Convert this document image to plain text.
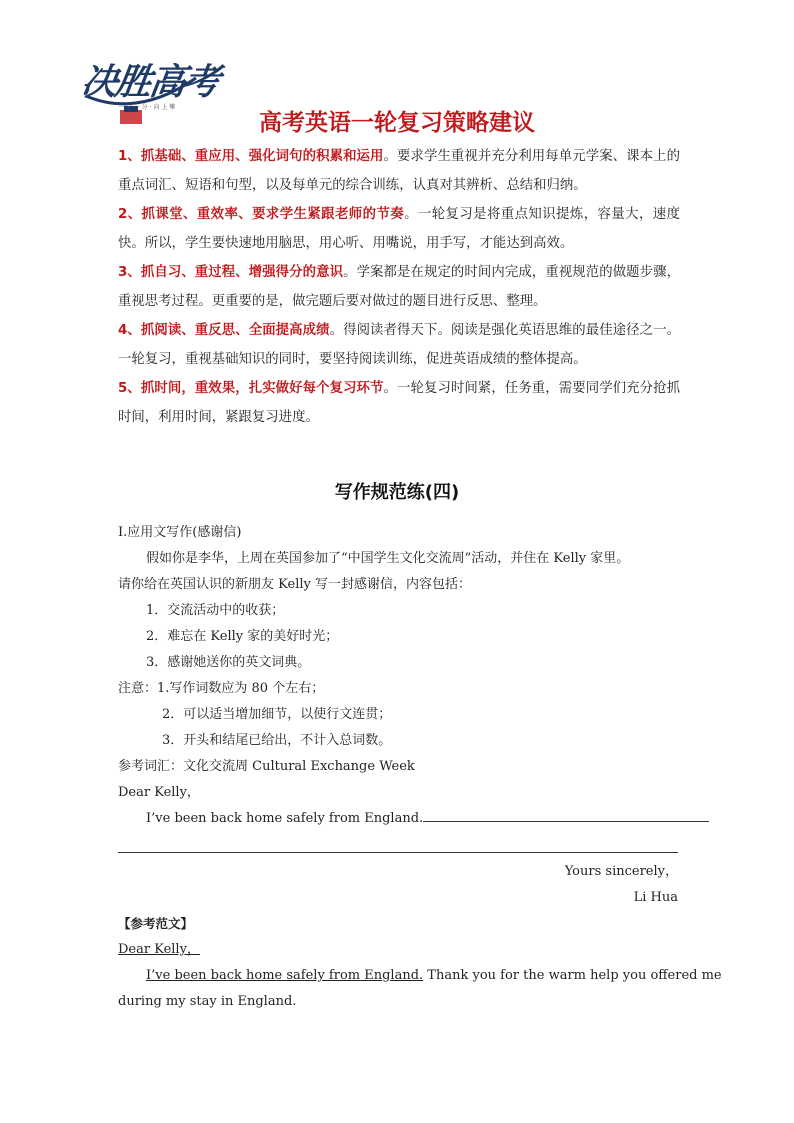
决胜高考
一 分 一 分 · 向 上 攀
高考英语一轮复习策略建议

1、抓基础、重应用、强化词句的积累和运用。要求学生重视并充分利用每单元学案、课本上的重点词汇、短语和句型，以及每单元的综合训练，认真对其辨析、总结和归纳。

2、抓课堂、重效率、要求学生紧跟老师的节奏。一轮复习是将重点知识提炼，容量大，速度快。所以，学生要快速地用脑思，用心听、用嘴说，用手写，才能达到高效。

3、抓自习、重过程、增强得分的意识。学案都是在规定的时间内完成，重视规范的做题步骤，重视思考过程。更重要的是，做完题后要对做过的题目进行反思、整理。

4、抓阅读、重反思、全面提高成绩。得阅读者得天下。阅读是强化英语思维的最佳途径之一。一轮复习，重视基础知识的同时，要坚持阅读训练，促进英语成绩的整体提高。

5、抓时间，重效果，扎实做好每个复习环节。一轮复习时间紧，任务重，需要同学们充分抢抓时间，利用时间，紧跟复习进度。

写作规范练(四)

Ⅰ.应用文写作(感谢信)

假如你是李华，上周在英国参加了“中国学生文化交流周”活动，并住在 Kelly 家里。

请你给在英国认识的新朋友 Kelly 写一封感谢信，内容包括：

1．交流活动中的收获；

2．难忘在 Kelly 家的美好时光；

3．感谢她送你的英文词典。

注意：1.写作词数应为 80 个左右；

2．可以适当增加细节，以使行文连贯；

3．开头和结尾已给出，不计入总词数。

参考词汇：文化交流周 Cultural Exchange Week

Dear Kelly，

I’ve been back home safely from England.

Yours sincerely，

Li Hua

【参考范文】

Dear Kelly，

I’ve been back home safely from England. Thank you for the warm help you offered me

during my stay in England.
